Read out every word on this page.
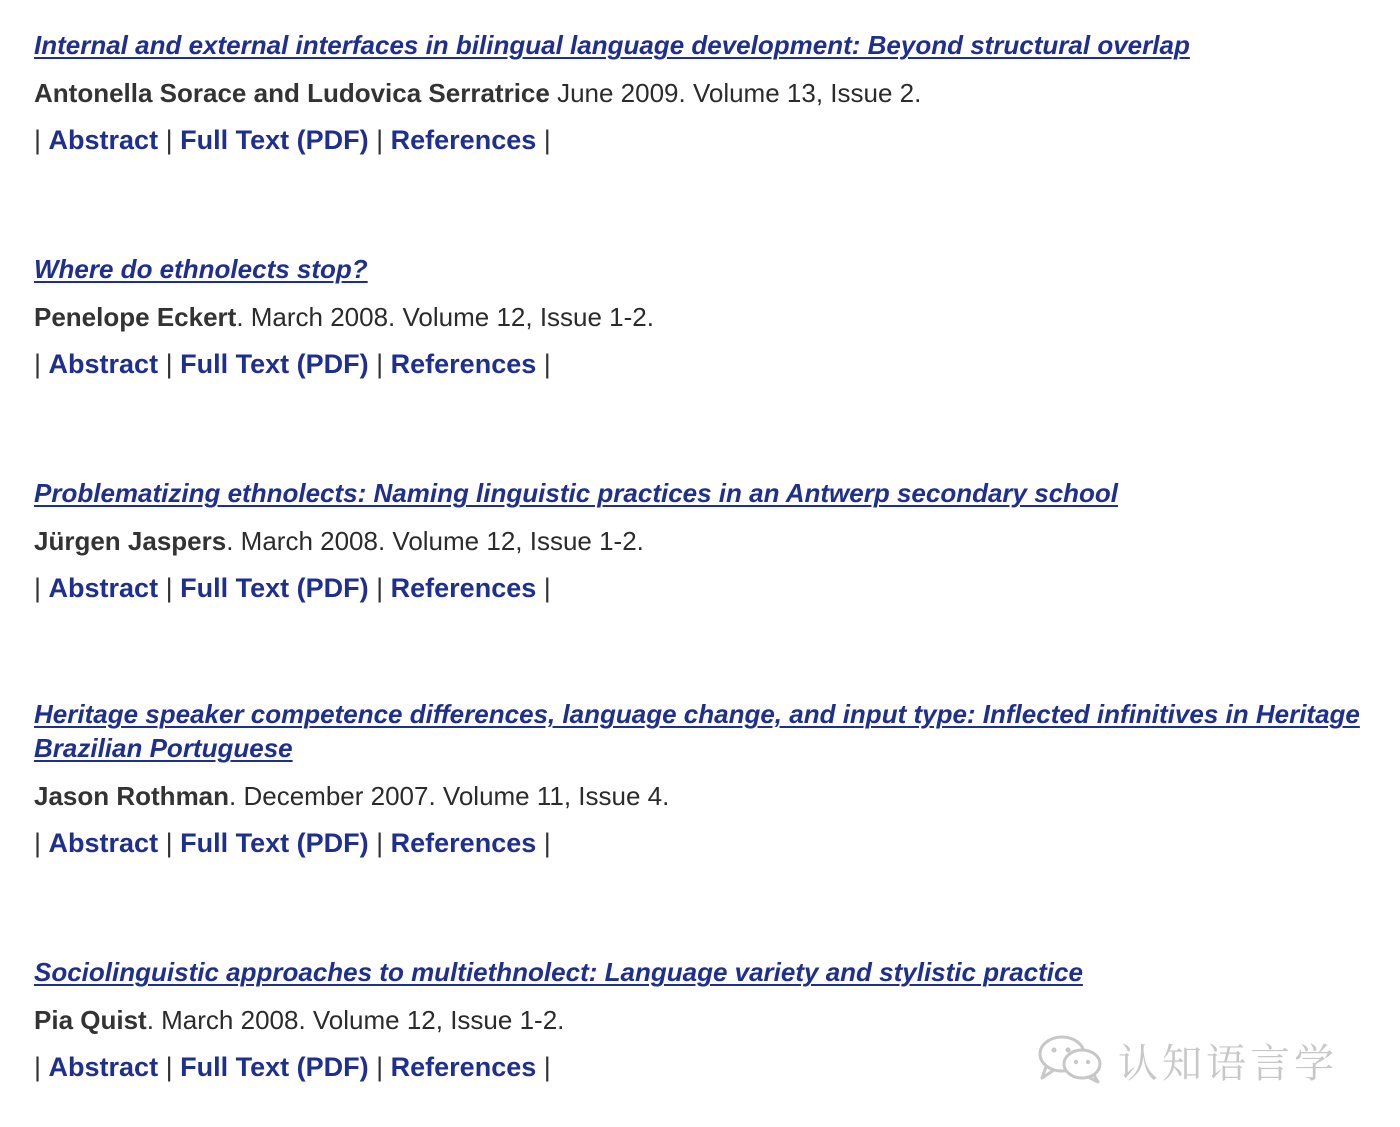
Internal and external interfaces in bilingual language development: Beyond structural overlap
Antonella Sorace and Ludovica Serratrice June 2009. Volume 13, Issue 2.
| Abstract | Full Text (PDF) | References |
Where do ethnolects stop?
Penelope Eckert. March 2008. Volume 12, Issue 1-2.
| Abstract | Full Text (PDF) | References |
Problematizing ethnolects: Naming linguistic practices in an Antwerp secondary school
Jürgen Jaspers. March 2008. Volume 12, Issue 1-2.
| Abstract | Full Text (PDF) | References |
Heritage speaker competence differences, language change, and input type: Inflected infinitives in Heritage Brazilian Portuguese
Jason Rothman. December 2007. Volume 11, Issue 4.
| Abstract | Full Text (PDF) | References |
Sociolinguistic approaches to multiethnolect: Language variety and stylistic practice
Pia Quist. March 2008. Volume 12, Issue 1-2.
| Abstract | Full Text (PDF) | References |	认知语言学
